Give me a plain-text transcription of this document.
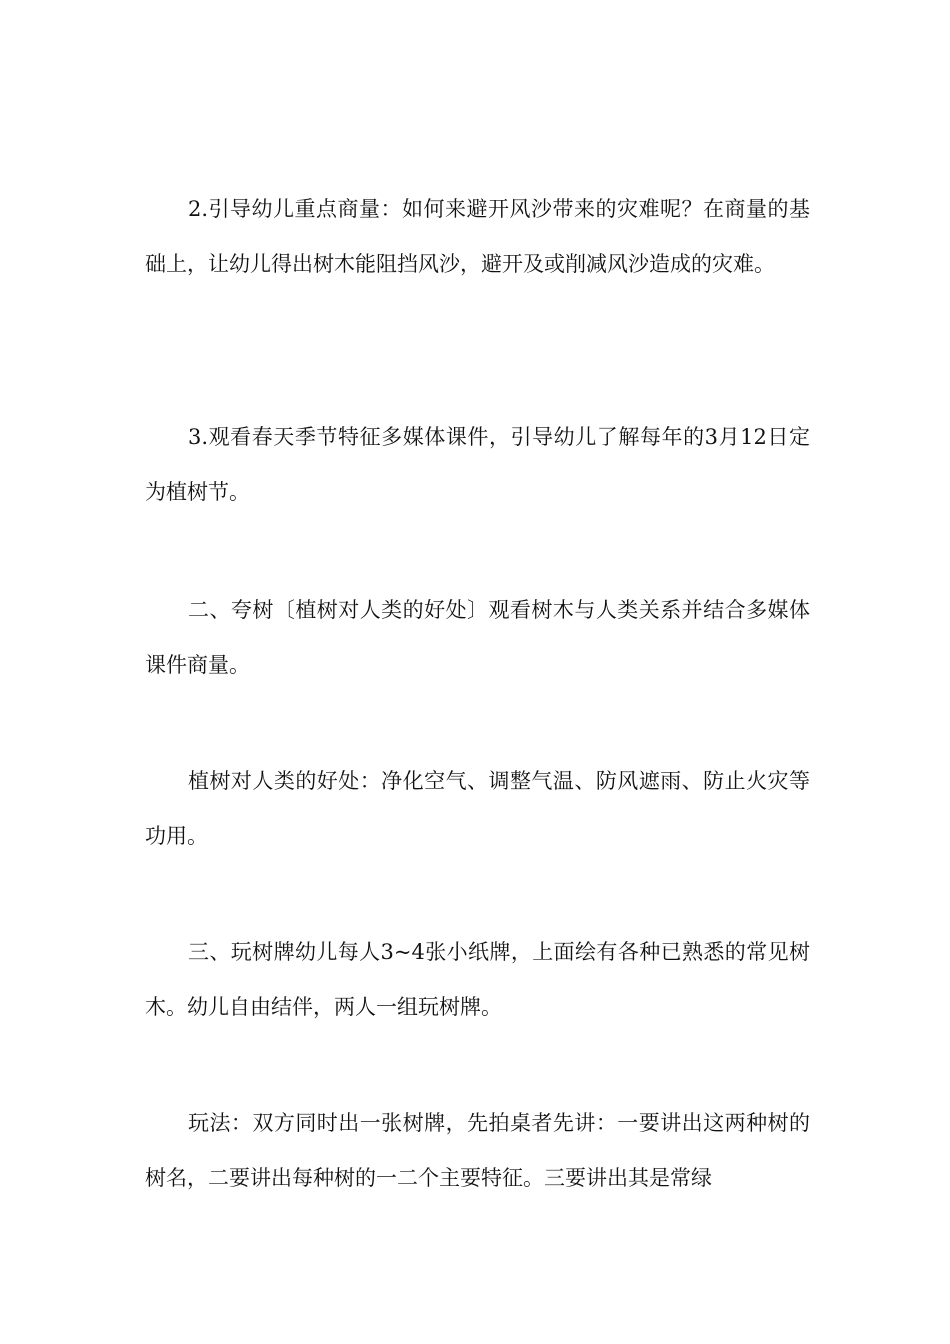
2.引导幼儿重点商量：如何来避开风沙带来的灾难呢？在商量的基础上，让幼儿得出树木能阻挡风沙，避开及或削减风沙造成的灾难。

3.观看春天季节特征多媒体课件，引导幼儿了解每年的3月12日定为植树节。

二、夸树〔植树对人类的好处〕观看树木与人类关系并结合多媒体课件商量。

植树对人类的好处：净化空气、调整气温、防风遮雨、防止火灾等功用。

三、玩树牌幼儿每人3~4张小纸牌，上面绘有各种已熟悉的常见树木。幼儿自由结伴，两人一组玩树牌。

玩法：双方同时出一张树牌，先拍桌者先讲：一要讲出这两种树的树名，二要讲出每种树的一二个主要特征。三要讲出其是常绿
